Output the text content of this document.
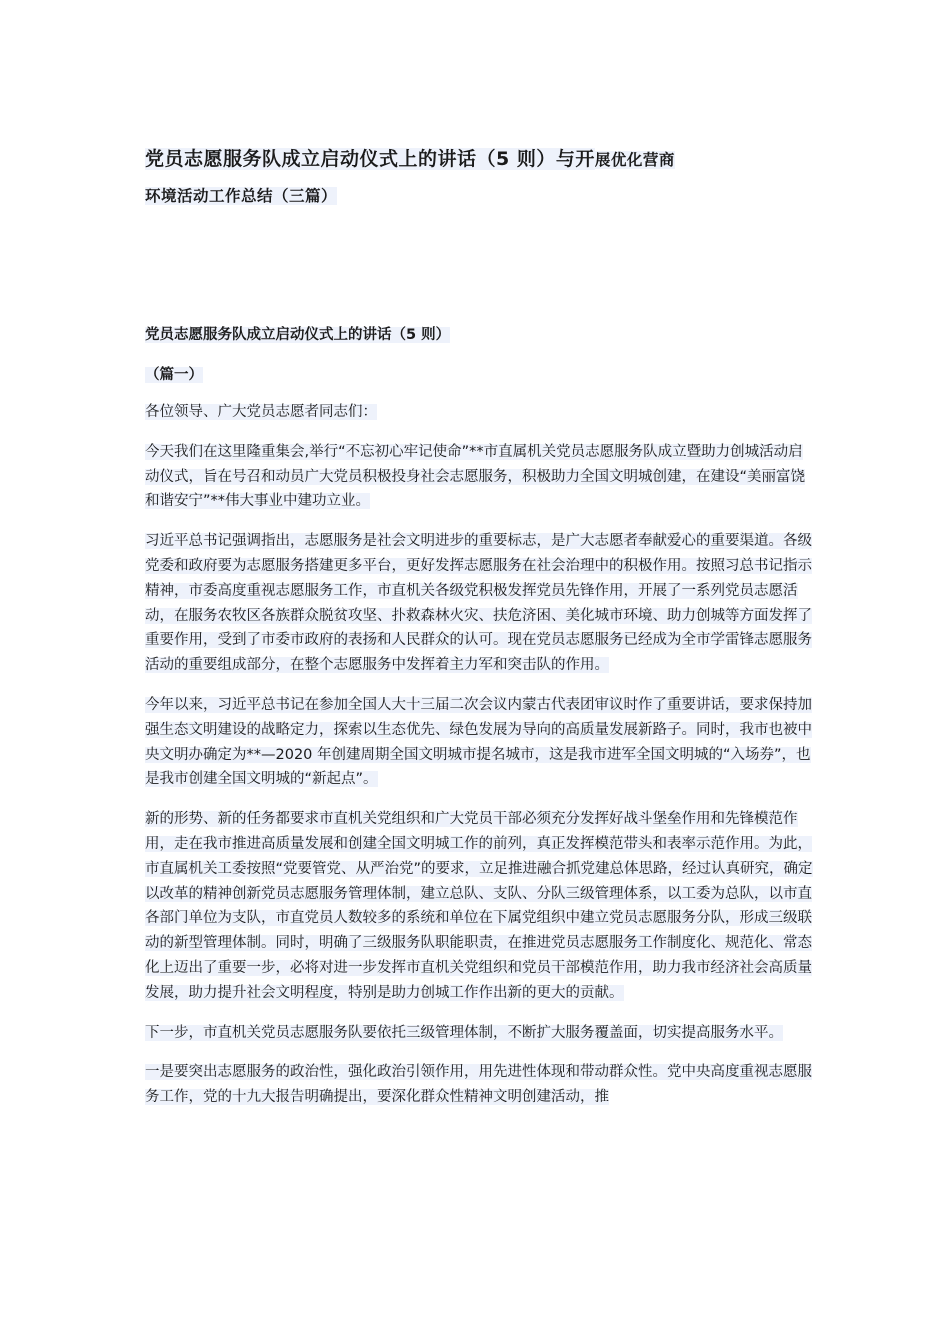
党员志愿服务队成立启动仪式上的讲话（5 则）与开展优化营商
环境活动工作总结（三篇）
党员志愿服务队成立启动仪式上的讲话（5 则）
（篇一）

各位领导、广大党员志愿者同志们：

今天我们在这里隆重集会,举行“不忘初心牢记使命”**市直属机关党员志愿服务队成立暨助力创城活动启动仪式，旨在号召和动员广大党员积极投身社会志愿服务，积极助力全国文明城创建，在建设“美丽富饶和谐安宁”**伟大事业中建功立业。

习近平总书记强调指出，志愿服务是社会文明进步的重要标志，是广大志愿者奉献爱心的重要渠道。各级党委和政府要为志愿服务搭建更多平台，更好发挥志愿服务在社会治理中的积极作用。按照习总书记指示精神，市委高度重视志愿服务工作，市直机关各级党积极发挥党员先锋作用，开展了一系列党员志愿活动，在服务农牧区各族群众脱贫攻坚、扑救森林火灾、扶危济困、美化城市环境、助力创城等方面发挥了重要作用，受到了市委市政府的表扬和人民群众的认可。现在党员志愿服务已经成为全市学雷锋志愿服务活动的重要组成部分，在整个志愿服务中发挥着主力军和突击队的作用。

今年以来，习近平总书记在参加全国人大十三届二次会议内蒙古代表团审议时作了重要讲话，要求保持加强生态文明建设的战略定力，探索以生态优先、绿色发展为导向的高质量发展新路子。同时，我市也被中央文明办确定为**—2020 年创建周期全国文明城市提名城市，这是我市进军全国文明城的“入场券”，也是我市创建全国文明城的“新起点”。

新的形势、新的任务都要求市直机关党组织和广大党员干部必须充分发挥好战斗堡垒作用和先锋模范作用，走在我市推进高质量发展和创建全国文明城工作的前列，真正发挥模范带头和表率示范作用。为此，市直属机关工委按照“党要管党、从严治党”的要求，立足推进融合抓党建总体思路，经过认真研究，确定以改革的精神创新党员志愿服务管理体制，建立总队、支队、分队三级管理体系，以工委为总队，以市直各部门单位为支队，市直党员人数较多的系统和单位在下属党组织中建立党员志愿服务分队，形成三级联动的新型管理体制。同时，明确了三级服务队职能职责，在推进党员志愿服务工作制度化、规范化、常态化上迈出了重要一步，必将对进一步发挥市直机关党组织和党员干部模范作用，助力我市经济社会高质量发展，助力提升社会文明程度，特别是助力创城工作作出新的更大的贡献。

下一步，市直机关党员志愿服务队要依托三级管理体制，不断扩大服务覆盖面，切实提高服务水平。

一是要突出志愿服务的政治性，强化政治引领作用，用先进性体现和带动群众性。党中央高度重视志愿服务工作，党的十九大报告明确提出，要深化群众性精神文明创建活动，推
